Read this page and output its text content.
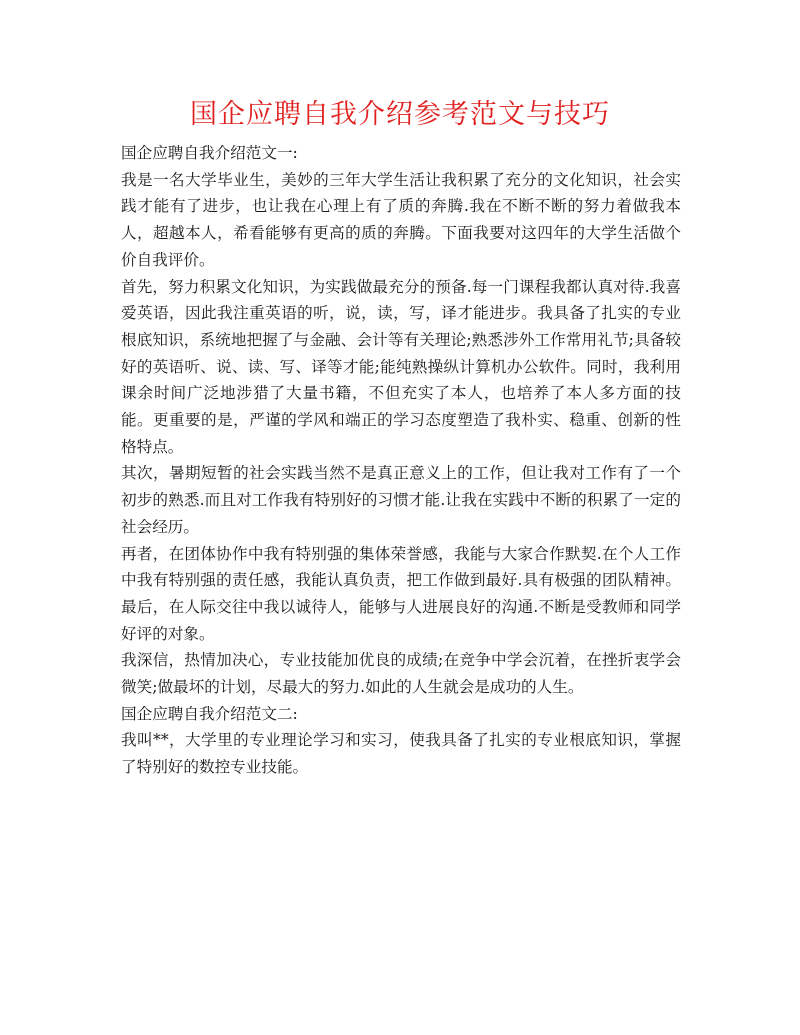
国企应聘自我介绍参考范文与技巧

国企应聘自我介绍范文一:

我是一名大学毕业生，美妙的三年大学生活让我积累了充分的文化知识，社会实践才能有了进步，也让我在心理上有了质的奔腾.我在不断不断的努力着做我本人，超越本人，希看能够有更高的质的奔腾。下面我要对这四年的大学生活做个价自我评价。

首先，努力积累文化知识，为实践做最充分的预备.每一门课程我都认真对待.我喜爱英语，因此我注重英语的听，说，读，写，译才能进步。我具备了扎实的专业根底知识，系统地把握了与金融、会计等有关理论;熟悉涉外工作常用礼节;具备较好的英语听、说、读、写、译等才能;能纯熟操纵计算机办公软件。同时，我利用课余时间广泛地涉猎了大量书籍，不但充实了本人，也培养了本人多方面的技能。更重要的是，严谨的学风和端正的学习态度塑造了我朴实、稳重、创新的性格特点。

其次，暑期短暂的社会实践当然不是真正意义上的工作，但让我对工作有了一个初步的熟悉.而且对工作我有特别好的习惯才能.让我在实践中不断的积累了一定的社会经历。

再者，在团体协作中我有特别强的集体荣誉感，我能与大家合作默契.在个人工作中我有特别强的责任感，我能认真负责，把工作做到最好.具有极强的团队精神。最后，在人际交往中我以诚待人，能够与人进展良好的沟通.不断是受教师和同学好评的对象。

我深信，热情加决心，专业技能加优良的成绩;在竞争中学会沉着，在挫折衷学会微笑;做最坏的计划，尽最大的努力.如此的人生就会是成功的人生。

国企应聘自我介绍范文二:

我叫**，大学里的专业理论学习和实习，使我具备了扎实的专业根底知识，掌握了特别好的数控专业技能。
